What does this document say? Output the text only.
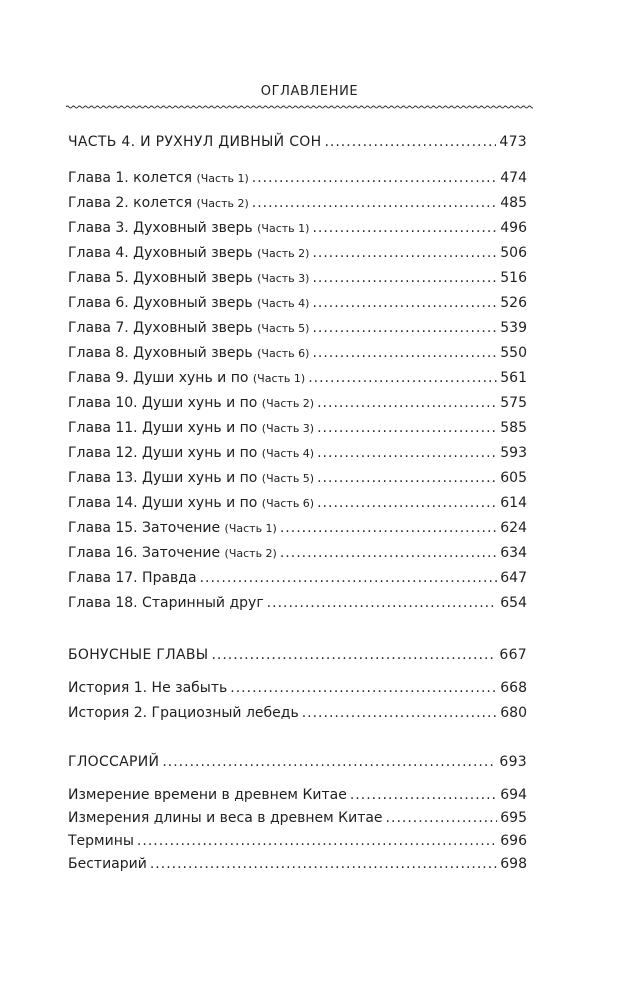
ОГЛАВЛЕНИЕ
ЧАСТЬ 4. И РУХНУЛ ДИВНЫЙ СОН .....	473
Глава 1. колется (Часть 1) .....	474
Глава 2. колется (Часть 2) .....	485
Глава 3. Духовный зверь (Часть 1) .....	496
Глава 4. Духовный зверь (Часть 2) .....	506
Глава 5. Духовный зверь (Часть 3) .....	516
Глава 6. Духовный зверь (Часть 4) .....	526
Глава 7. Духовный зверь (Часть 5) .....	539
Глава 8. Духовный зверь (Часть 6) .....	550
Глава 9. Души хунь и по (Часть 1) .....	561
Глава 10. Души хунь и по (Часть 2) .....	575
Глава 11. Души хунь и по (Часть 3) .....	585
Глава 12. Души хунь и по (Часть 4) .....	593
Глава 13. Души хунь и по (Часть 5) .....	605
Глава 14. Души хунь и по (Часть 6) .....	614
Глава 15. Заточение (Часть 1) .....	624
Глава 16. Заточение (Часть 2) .....	634
Глава 17. Правда .....	647
Глава 18. Старинный друг .....	654
БОНУСНЫЕ ГЛАВЫ .....	667
История 1. Не забыть .....	668
История 2. Грациозный лебедь .....	680
ГЛОССАРИЙ .....	693
Измерение времени в древнем Китае .....	694
Измерения длины и веса в древнем Китае .....	695
Термины .....	696
Бестиарий .....	698
